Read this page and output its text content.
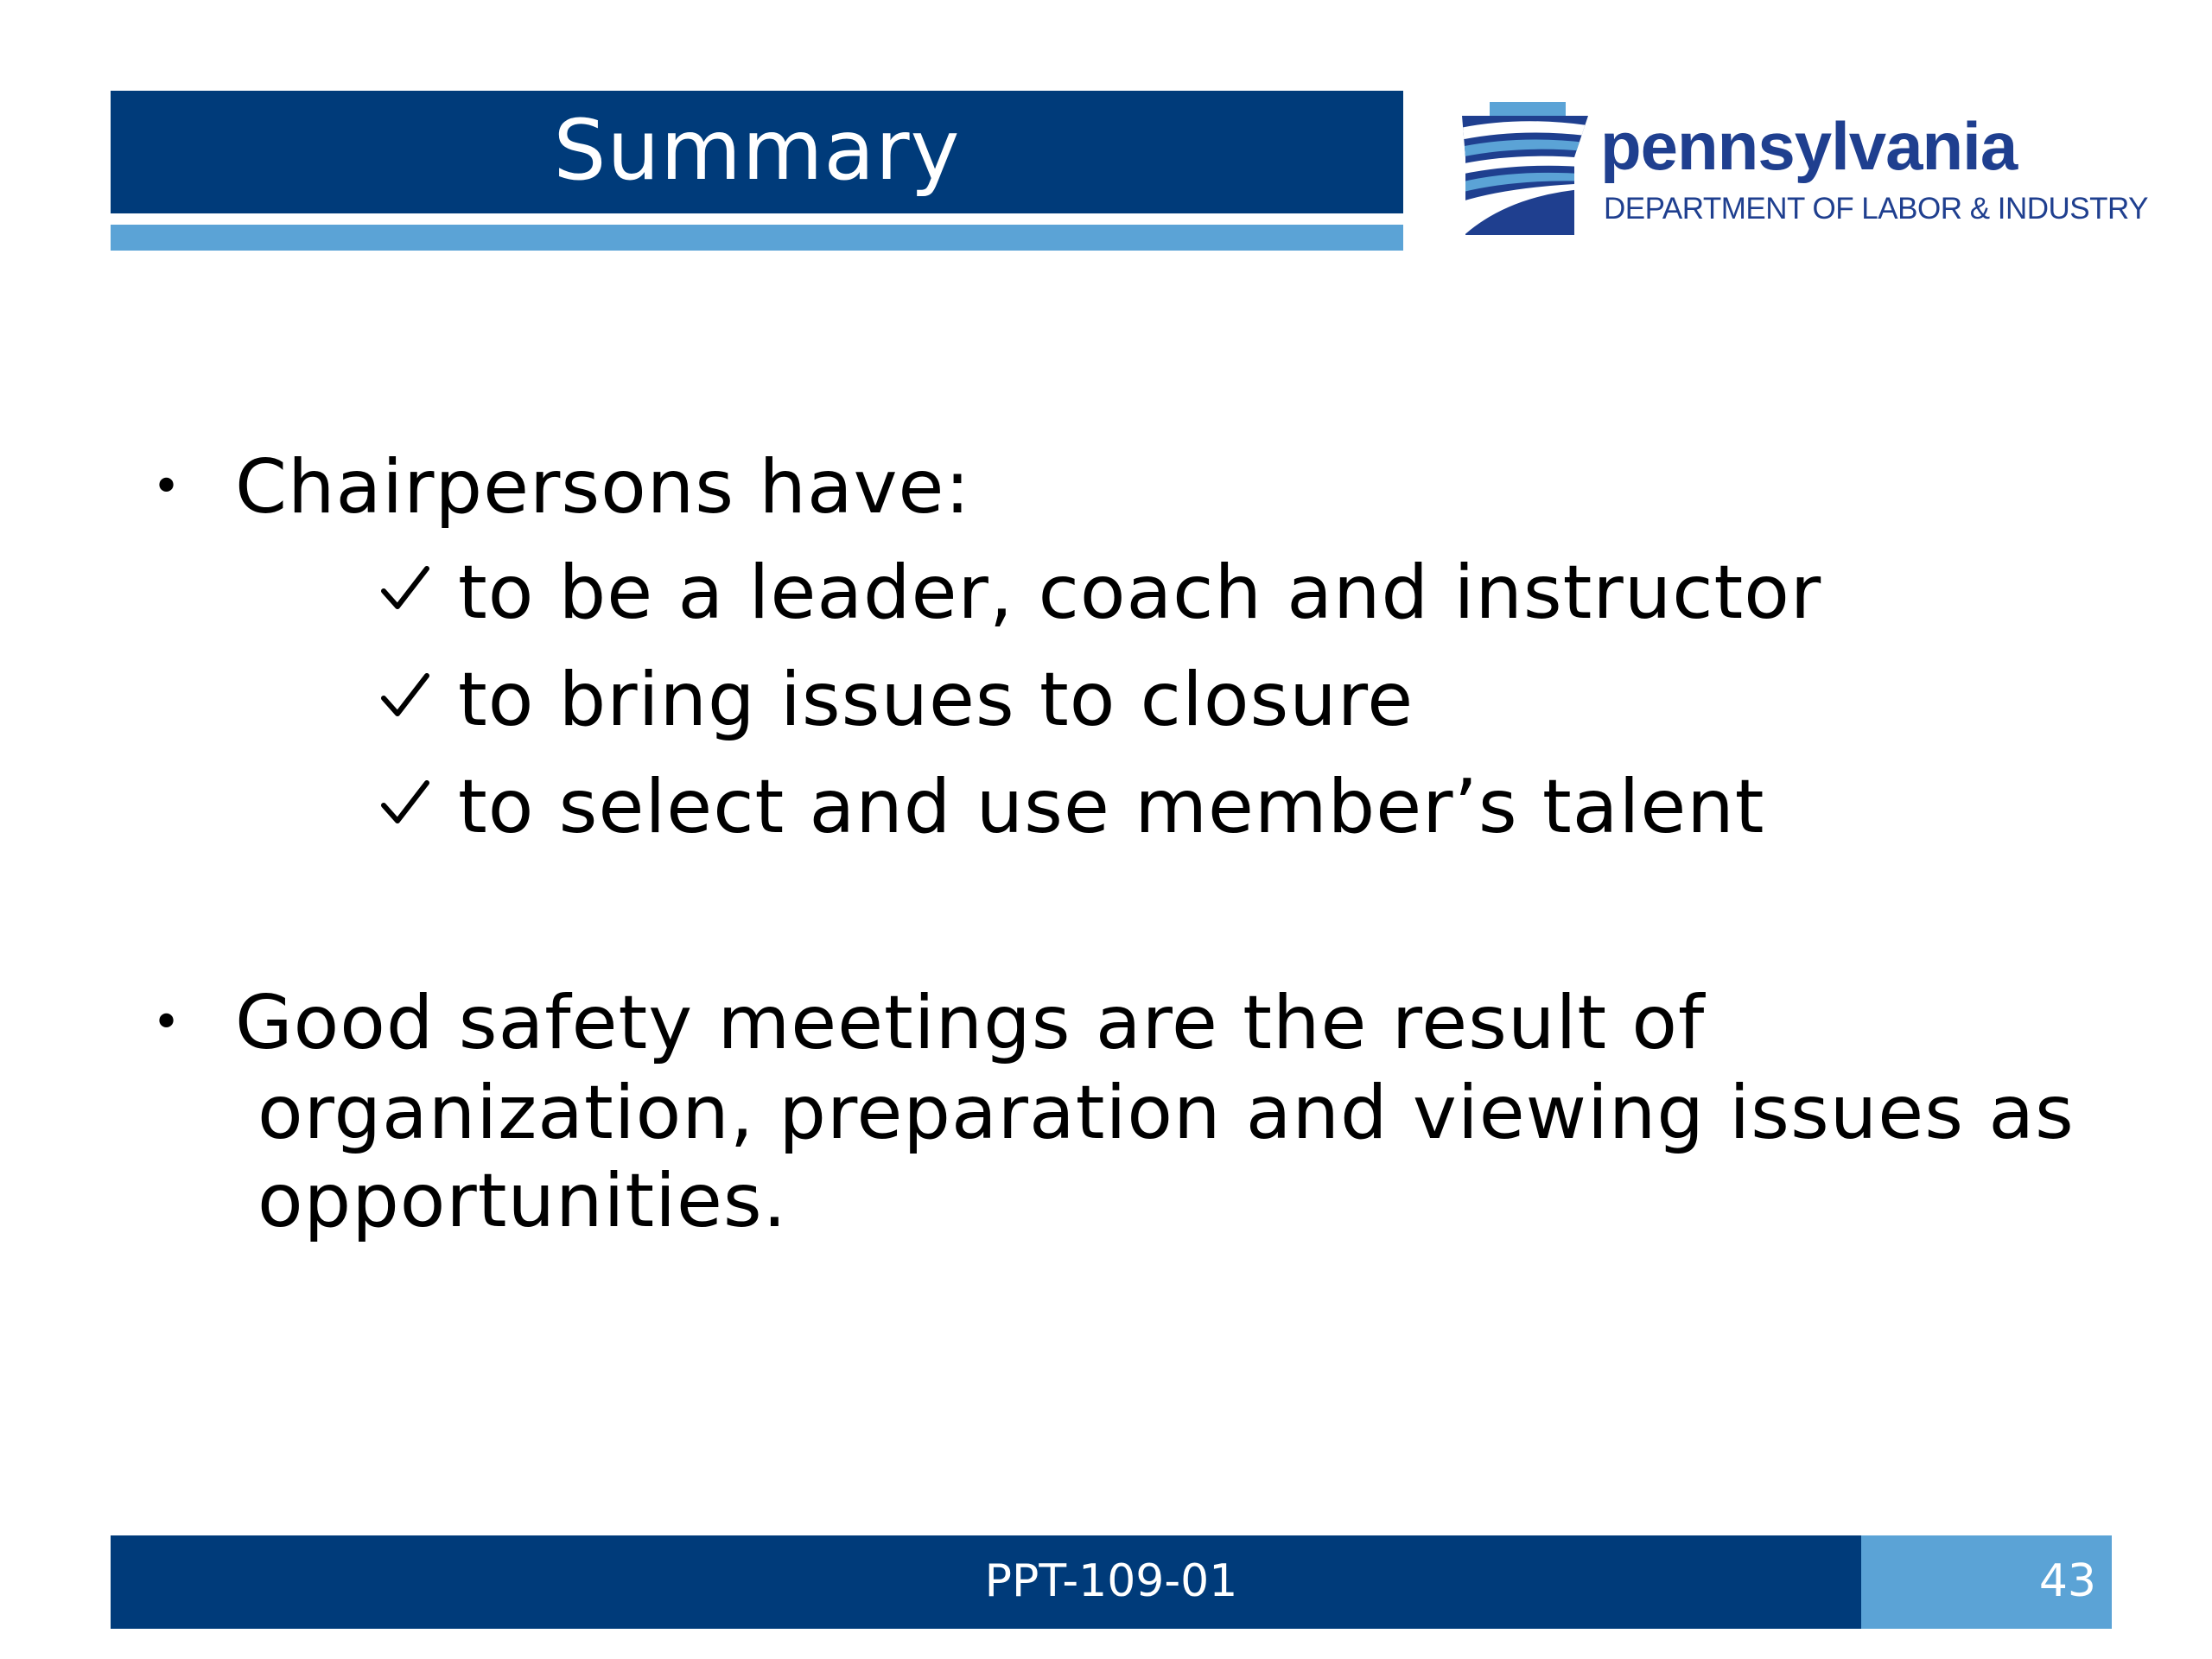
Summary	pennsylvania
DEPARTMENT OF LABOR & INDUSTRY
• Chairpersons have:
to be a leader, coach and instructor
to bring issues to closure
to select and use member’s talent
• Good safety meetings are the result of
organization, preparation and viewing issues as
opportunities.
PPT-109-01	43
